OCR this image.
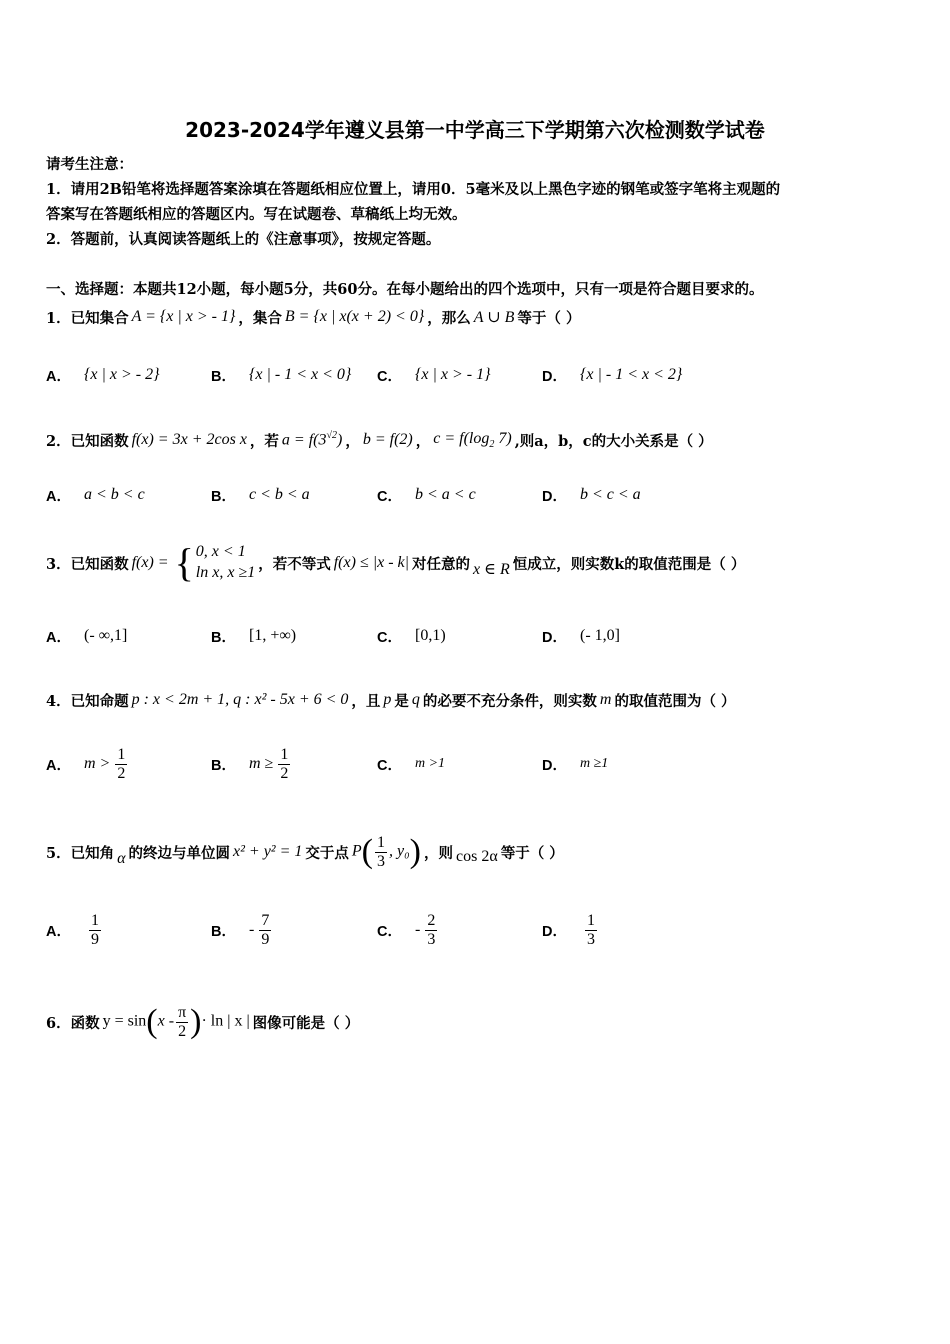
2023-2024学年遵义县第一中学高三下学期第六次检测数学试卷
请考生注意：
1．请用2B铅笔将选择题答案涂填在答题纸相应位置上，请用0．5毫米及以上黑色字迹的钢笔或签字笔将主观题的
答案写在答题纸相应的答题区内。写在试题卷、草稿纸上均无效。
2．答题前，认真阅读答题纸上的《注意事项》，按规定答题。
一、选择题：本题共12小题，每小题5分，共60分。在每小题给出的四个选项中，只有一项是符合题目要求的。
1．已知集合 A = {x | x > - 1} ，集合 B = {x | x(x + 2) < 0} ，那么 A ∪ B 等于（ ）
A． {x | x > - 2}	B． {x | - 1 < x < 0} C． {x | x > - 1}	D． {x | - 1 < x < 2}
2．已知函数 f(x) = 3x + 2cos x ，若 $a = f(3^{√2})$ ， b = f(2) ， $c = f(\log_2$ 7) ,则a，b，c的大小关系是（ ）
A． a < b < c	B． c < b < a	C． b < a < c	D． b < c < a
3．已知函数 f(x) = { 0, x < 1
ln x, x ≥1 ，若不等式 f(x) ≤ |x - k| 对任意的 x ∈ R 恒成立，则实数k的取值范围是（ ）
A． (- ∞,1]	B． [1, +∞)	C． [0,1)	D． (- 1,0]
4．已知命题 p : x < 2m + 1, q : x² - 5x + 6 < 0 ，且 p 是 q 的必要不充分条件，则实数 m 的取值范围为（ ）
A． $m > \frac{1}{2}$	B． $m \ge \frac{1}{2}$	C． m >1	D． m ≥1
5．已知角 α 的终边与单位圆 x² + y² = 1 交于点 $P( \frac{1}{3}$ , y₀) ，则 cos 2α 等于（ ）
A． $\frac{1}{9}$	B． - $\frac{7}{9}$	C． - $\frac{2}{3}$	D． $\frac{1}{3}$
6．函数 $y = \sin(x - \frac{\pi}{2}$ )· ln | x | 图像可能是（ ）
